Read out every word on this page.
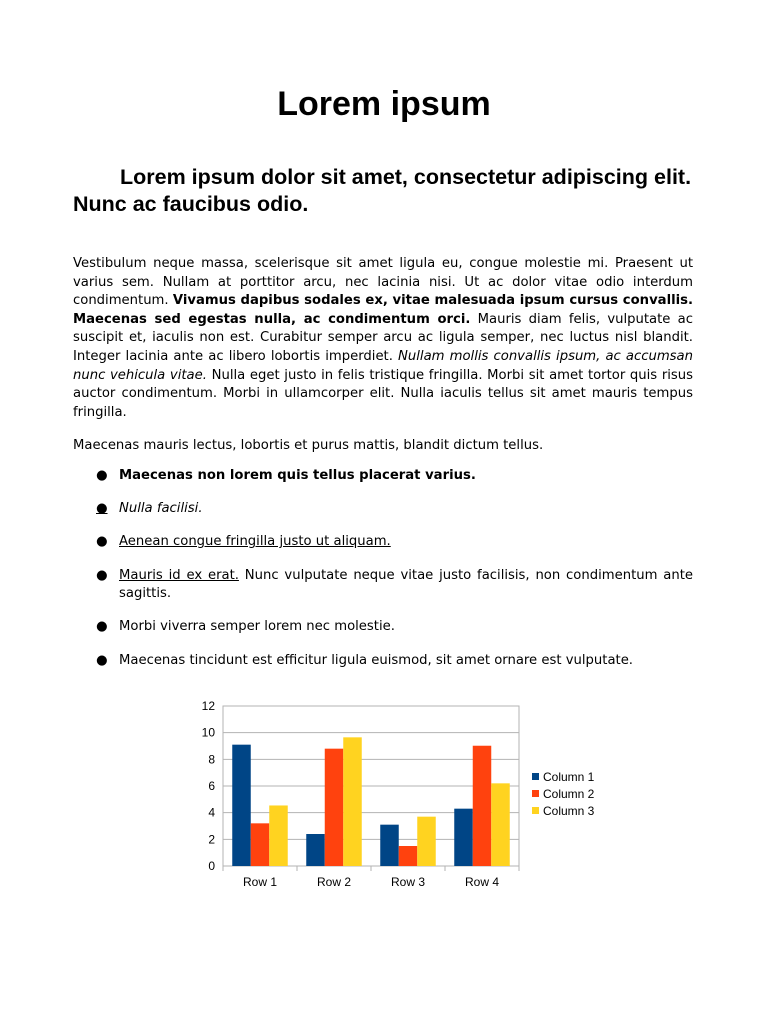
Lorem ipsum
Lorem ipsum dolor sit amet, consectetur adipiscing elit. Nunc ac faucibus odio.
Vestibulum neque massa, scelerisque sit amet ligula eu, congue molestie mi. Praesent ut varius sem. Nullam at porttitor arcu, nec lacinia nisi. Ut ac dolor vitae odio interdum condimentum. Vivamus dapibus sodales ex, vitae malesuada ipsum cursus convallis. Maecenas sed egestas nulla, ac condimentum orci. Mauris diam felis, vulputate ac suscipit et, iaculis non est. Curabitur semper arcu ac ligula semper, nec luctus nisl blandit. Integer lacinia ante ac libero lobortis imperdiet. Nullam mollis convallis ipsum, ac accumsan nunc vehicula vitae. Nulla eget justo in felis tristique fringilla. Morbi sit amet tortor quis risus auctor condimentum. Morbi in ullamcorper elit. Nulla iaculis tellus sit amet mauris tempus fringilla.
Maecenas mauris lectus, lobortis et purus mattis, blandit dictum tellus.
● Maecenas non lorem quis tellus placerat varius.
● Nulla facilisi.
● Aenean congue fringilla justo ut aliquam.
● Mauris id ex erat. Nunc vulputate neque vitae justo facilisis, non condimentum ante sagittis.
● Morbi viverra semper lorem nec molestie.
● Maecenas tincidunt est efficitur ligula euismod, sit amet ornare est vulputate.
0
2
4
6
8
10
12
Row 1	Row 2	Row 3	Row 4
Column 1
Column 2
Column 3
